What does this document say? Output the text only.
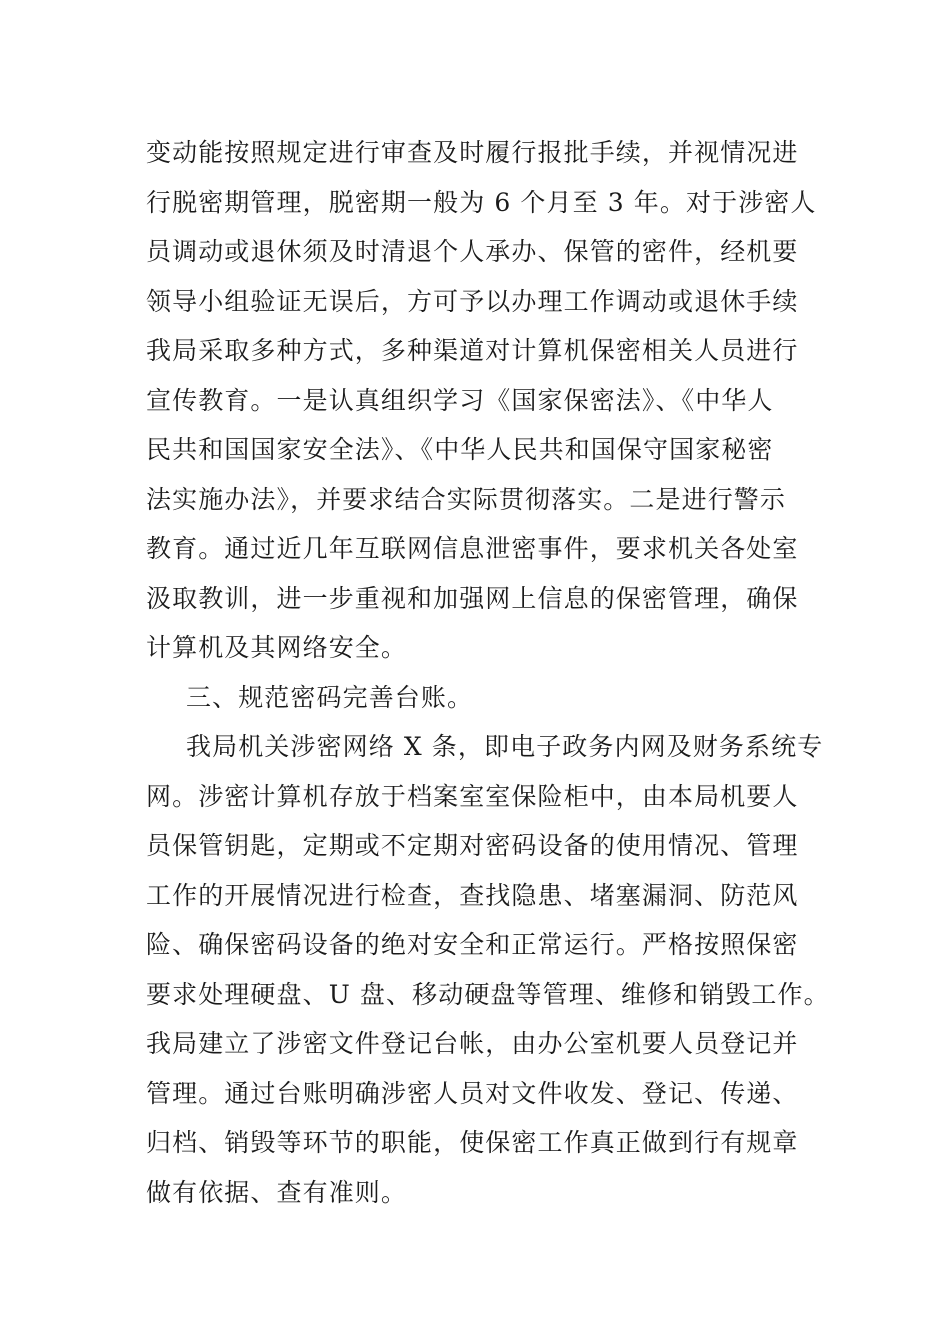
变动能按照规定进行审查及时履行报批手续，并视情况进
行脱密期管理，脱密期一般为 6 个月至 3 年。对于涉密人
员调动或退休须及时清退个人承办、保管的密件，经机要
领导小组验证无误后，方可予以办理工作调动或退休手续
我局采取多种方式，多种渠道对计算机保密相关人员进行
宣传教育。一是认真组织学习《国家保密法》、《中华人
民共和国国家安全法》、《中华人民共和国保守国家秘密
法实施办法》，并要求结合实际贯彻落实。二是进行警示
教育。通过近几年互联网信息泄密事件，要求机关各处室
汲取教训，进一步重视和加强网上信息的保密管理，确保
计算机及其网络安全。
三、规范密码完善台账。
我局机关涉密网络 X 条，即电子政务内网及财务系统专
网。涉密计算机存放于档案室室保险柜中，由本局机要人
员保管钥匙，定期或不定期对密码设备的使用情况、管理
工作的开展情况进行检查，查找隐患、堵塞漏洞、防范风
险、确保密码设备的绝对安全和正常运行。严格按照保密
要求处理硬盘、U 盘、移动硬盘等管理、维修和销毁工作。
我局建立了涉密文件登记台帐，由办公室机要人员登记并
管理。通过台账明确涉密人员对文件收发、登记、传递、
归档、销毁等环节的职能，使保密工作真正做到行有规章
做有依据、查有准则。
